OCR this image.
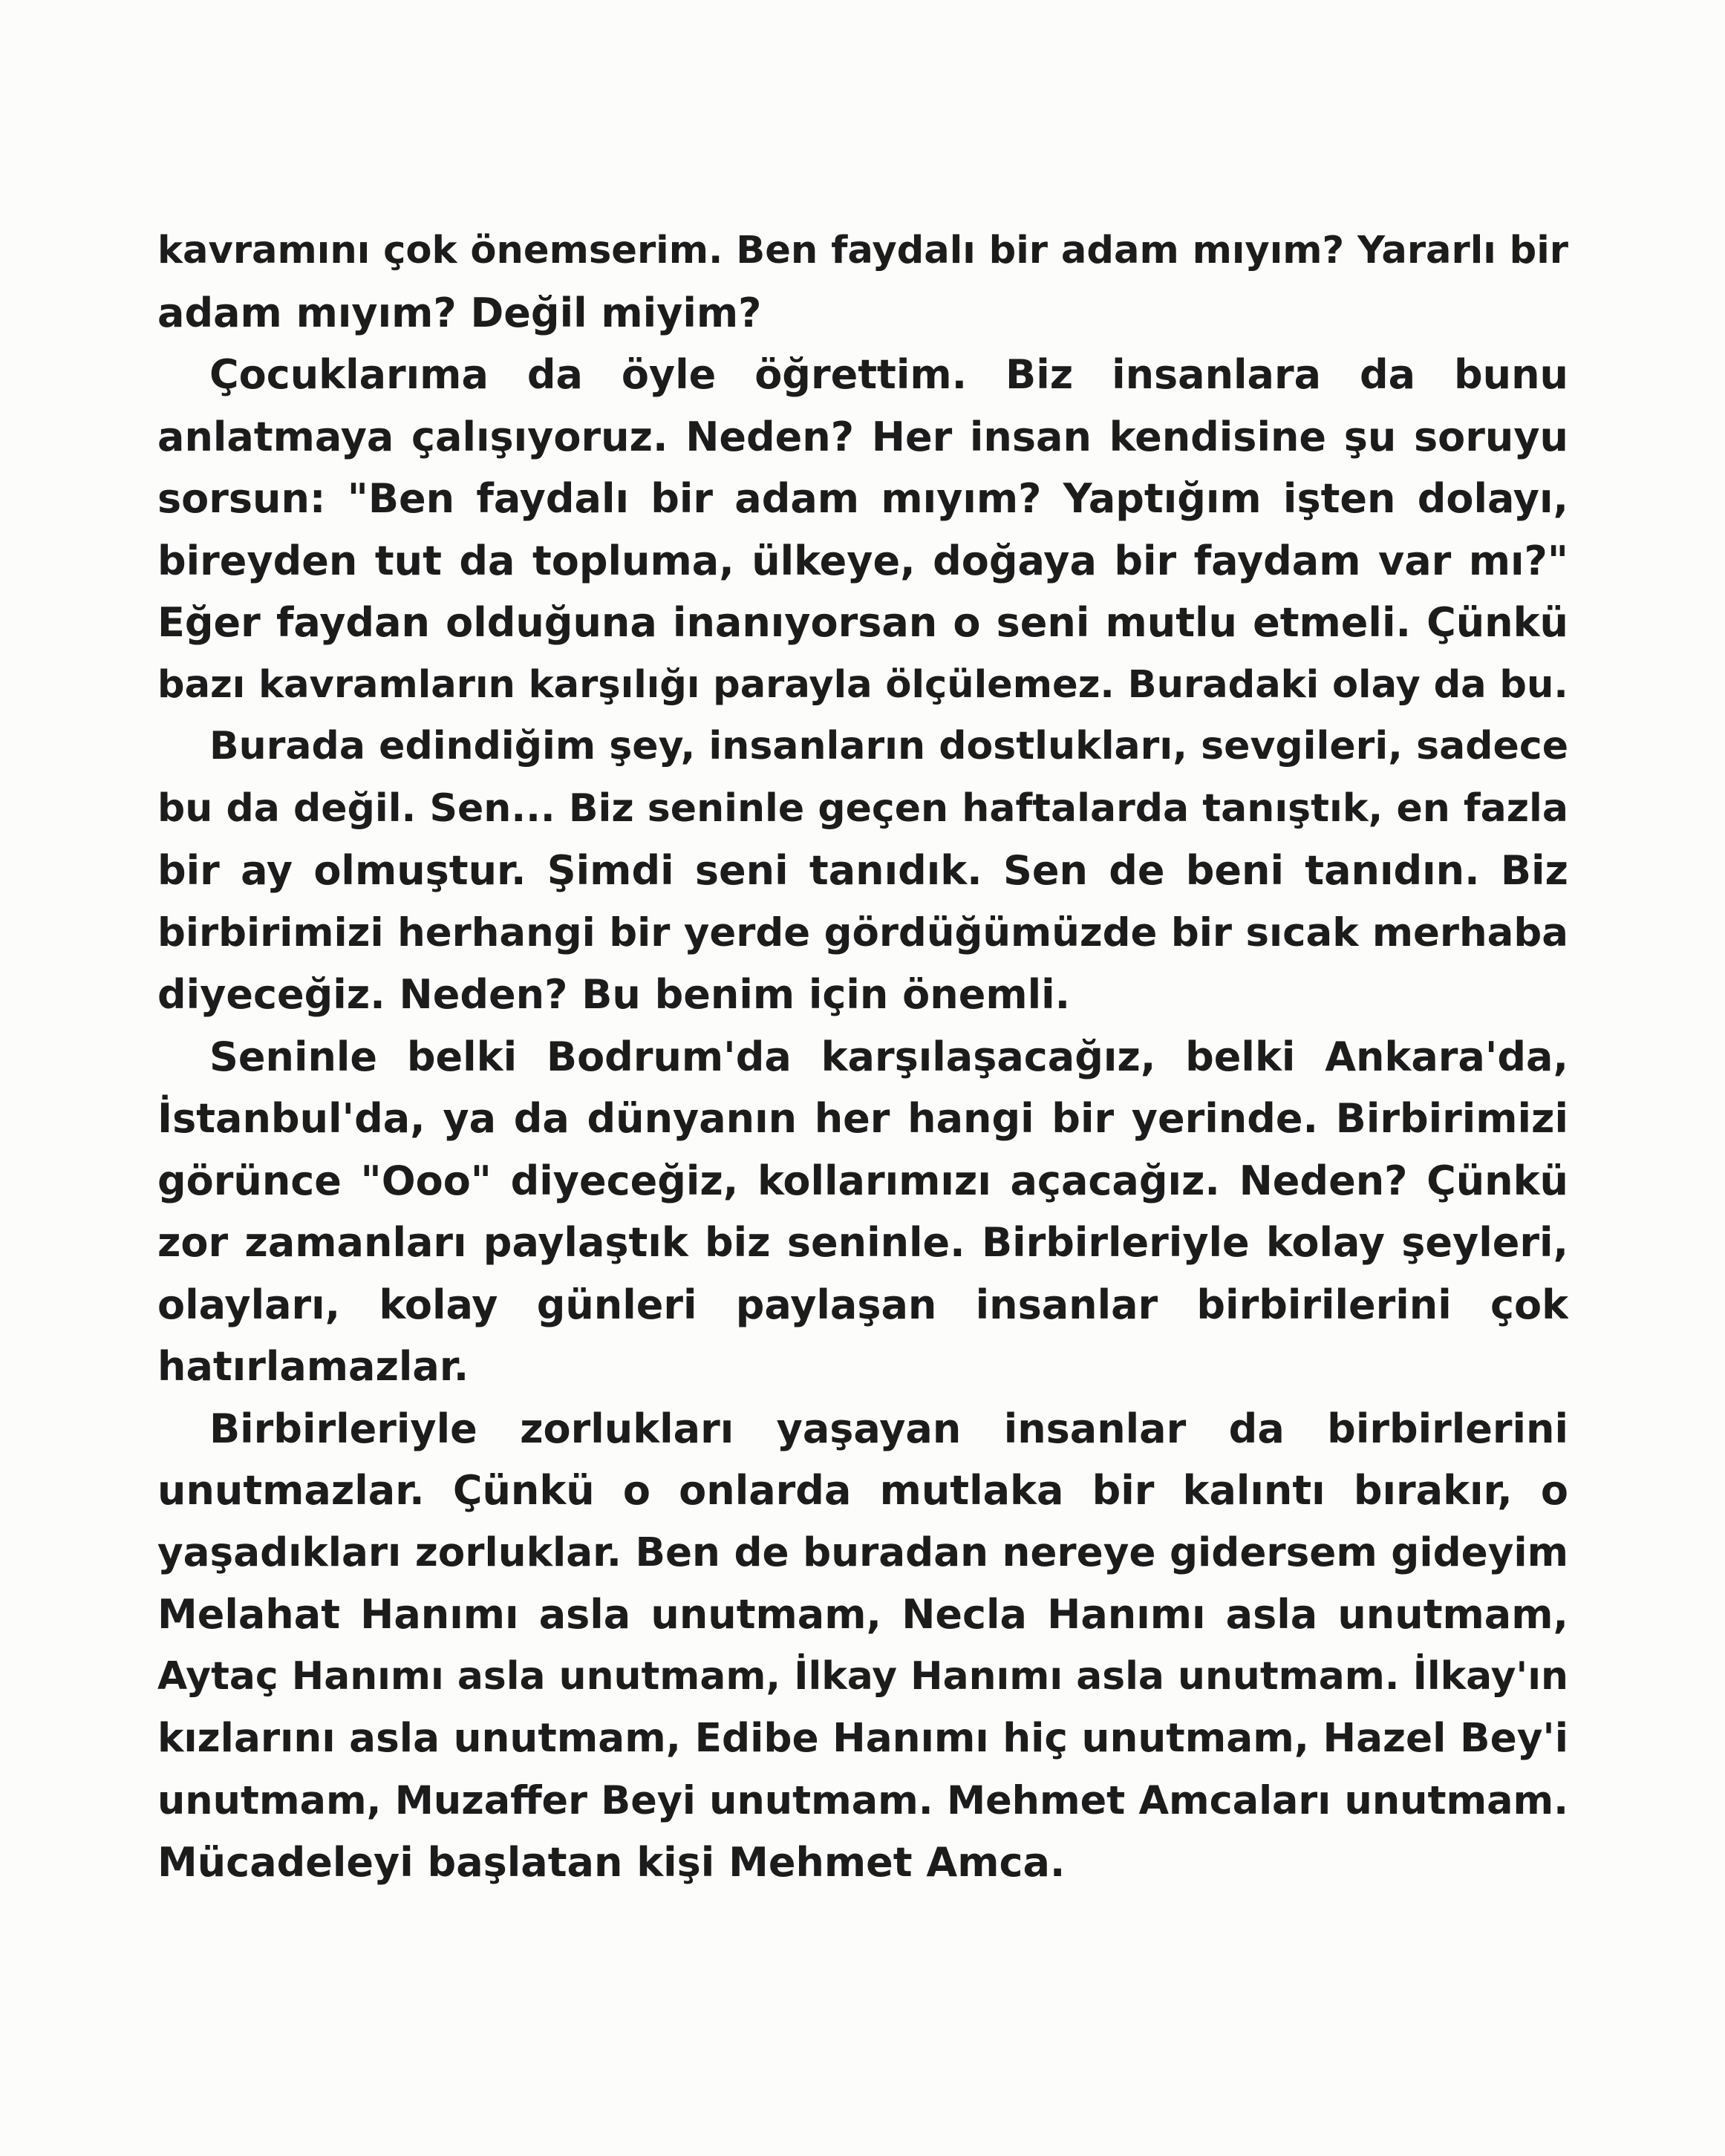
kavramını çok önemserim. Ben faydalı bir adam mıyım? Yararlı bir
adam mıyım? Değil miyim?
Çocuklarıma da öyle öğrettim. Biz insanlara da bunu
anlatmaya çalışıyoruz. Neden? Her insan kendisine şu soruyu
sorsun: "Ben faydalı bir adam mıyım? Yaptığım işten dolayı,
bireyden tut da topluma, ülkeye, doğaya bir faydam var mı?"
Eğer faydan olduğuna inanıyorsan o seni mutlu etmeli. Çünkü
bazı kavramların karşılığı parayla ölçülemez. Buradaki olay da bu.
Burada edindiğim şey, insanların dostlukları, sevgileri, sadece
bu da değil. Sen... Biz seninle geçen haftalarda tanıştık, en fazla
bir ay olmuştur. Şimdi seni tanıdık. Sen de beni tanıdın. Biz
birbirimizi herhangi bir yerde gördüğümüzde bir sıcak merhaba
diyeceğiz. Neden? Bu benim için önemli.
Seninle belki Bodrum'da karşılaşacağız, belki Ankara'da,
İstanbul'da, ya da dünyanın her hangi bir yerinde. Birbirimizi
görünce "Ooo" diyeceğiz, kollarımızı açacağız. Neden? Çünkü
zor zamanları paylaştık biz seninle. Birbirleriyle kolay şeyleri,
olayları, kolay günleri paylaşan insanlar birbirilerini çok
hatırlamazlar.
Birbirleriyle zorlukları yaşayan insanlar da birbirlerini
unutmazlar. Çünkü o onlarda mutlaka bir kalıntı bırakır, o
yaşadıkları zorluklar. Ben de buradan nereye gidersem gideyim
Melahat Hanımı asla unutmam, Necla Hanımı asla unutmam,
Aytaç Hanımı asla unutmam, İlkay Hanımı asla unutmam. İlkay'ın
kızlarını asla unutmam, Edibe Hanımı hiç unutmam, Hazel Bey'i
unutmam, Muzaffer Beyi unutmam. Mehmet Amcaları unutmam.
Mücadeleyi başlatan kişi Mehmet Amca.
